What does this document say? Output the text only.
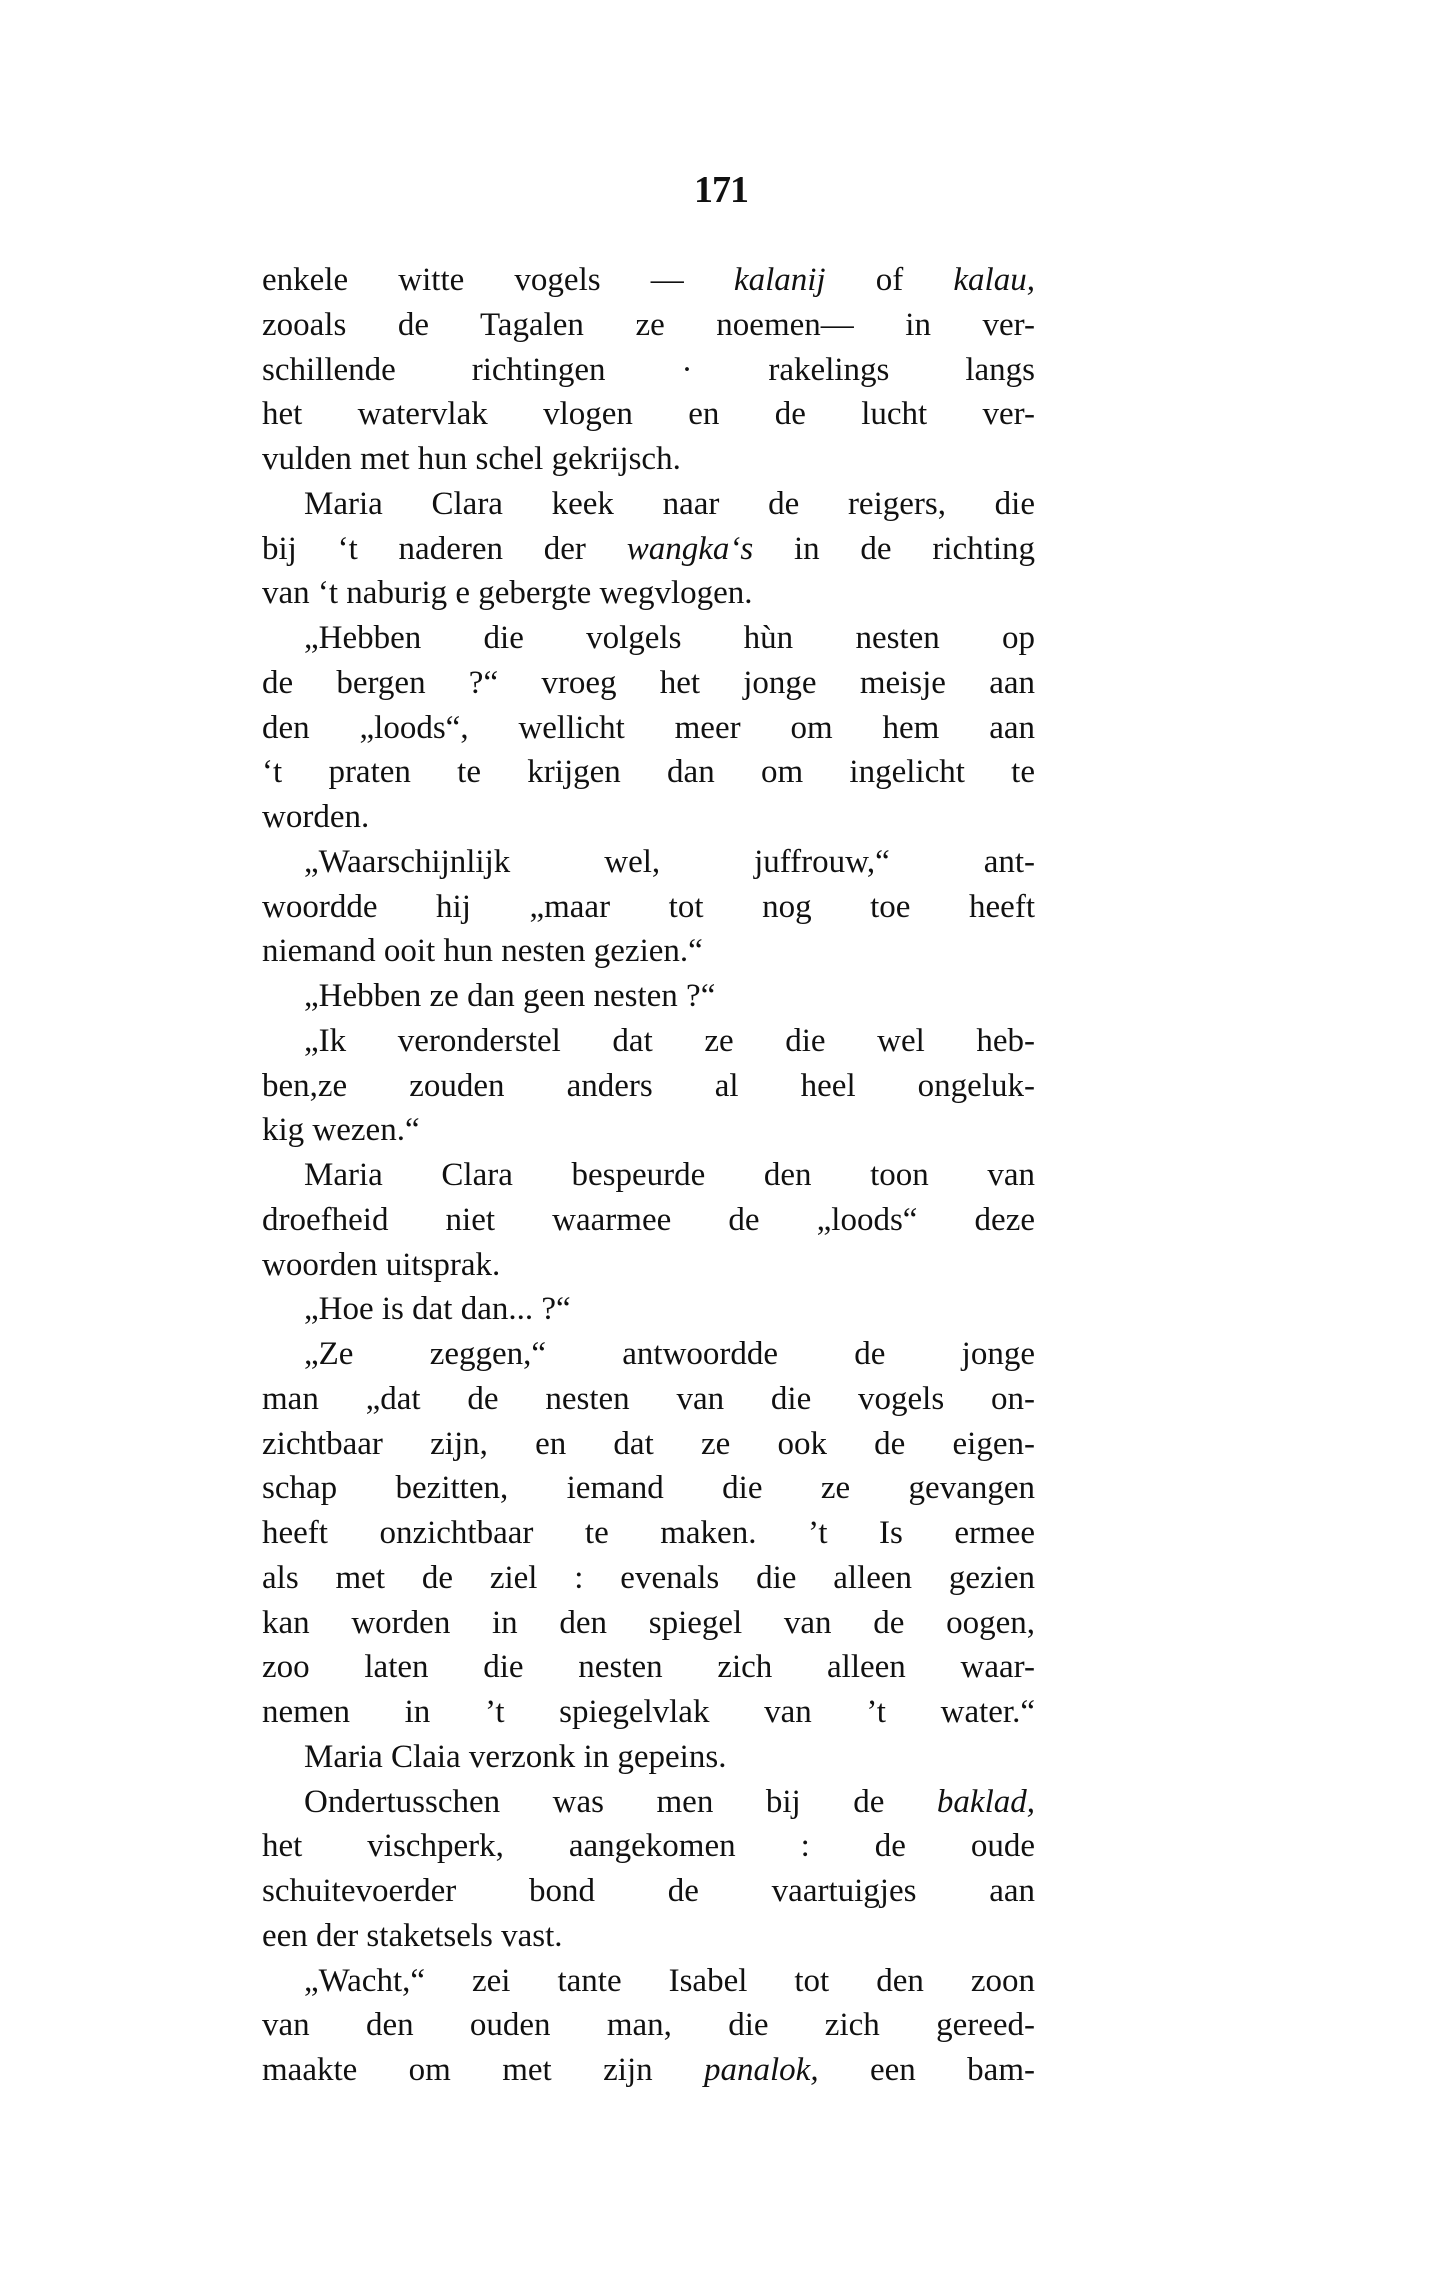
171
enkele witte vogels — kalanij of kalau,
zooals de Tagalen ze noemen— in ver-
schillende richtingen · rakelings langs
het watervlak vlogen en de lucht ver-
vulden met hun schel gekrijsch.
Maria Clara keek naar de reigers, die
bij ‘t naderen der wangka‘s in de richting
van ‘t naburig e gebergte wegvlogen.
„Hebben die volgels hùn nesten op
de bergen ?“ vroeg het jonge meisje aan
den „loods“, wellicht meer om hem aan
‘t praten te krijgen dan om ingelicht te
worden.
„Waarschijnlijk wel, juffrouw,“ ant-
woordde hij „maar tot nog toe heeft
niemand ooit hun nesten gezien.“
„Hebben ze dan geen nesten ?“
„Ik veronderstel dat ze die wel heb-
ben,ze zouden anders al heel ongeluk-
kig wezen.“
Maria Clara bespeurde den toon van
droefheid niet waarmee de „loods“ deze
woorden uitsprak.
„Hoe is dat dan... ?“
„Ze zeggen,“ antwoordde de jonge
man „dat de nesten van die vogels on-
zichtbaar zijn, en dat ze ook de eigen-
schap bezitten, iemand die ze gevangen
heeft onzichtbaar te maken. ’t Is ermee
als met de ziel : evenals die alleen gezien
kan worden in den spiegel van de oogen,
zoo laten die nesten zich alleen waar-
nemen in ’t spiegelvlak van ’t water.“
Maria Claia verzonk in gepeins.
Ondertusschen was men bij de baklad,
het vischperk, aangekomen : de oude
schuitevoerder bond de vaartuigjes aan
een der staketsels vast.
„Wacht,“ zei tante Isabel tot den zoon
van den ouden man, die zich gereed-
maakte om met zijn panalok, een bam-
